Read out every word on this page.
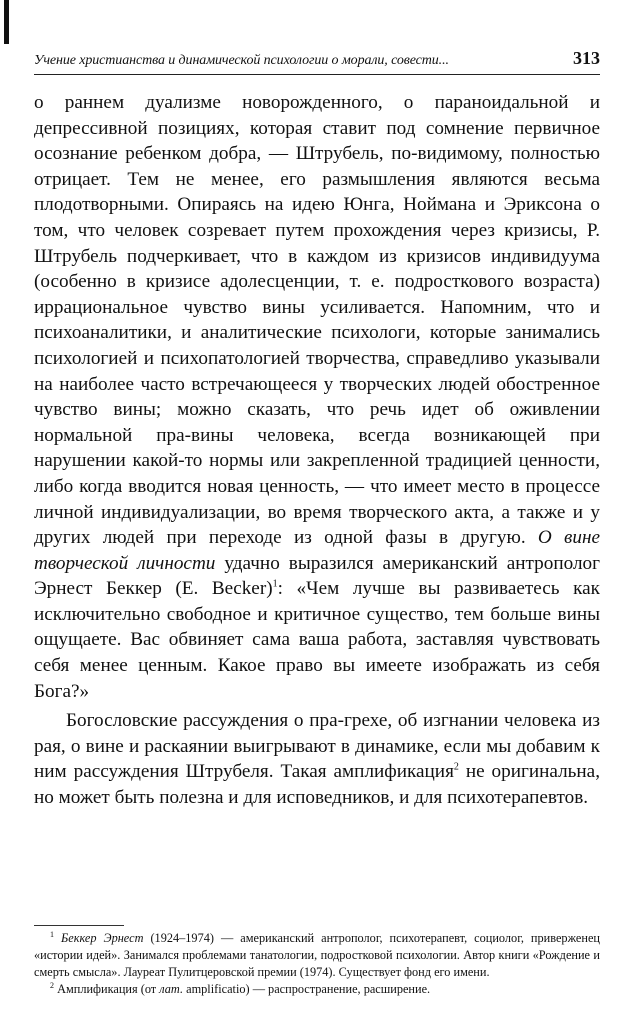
Учение христианства и динамической психологии о морали, совести...	313

о раннем дуализме новорожденного, о параноидальной и депрессивной позициях, которая ставит под сомнение первичное осознание ребенком добра, — Штрубель, по-видимому, полностью отрицает. Тем не менее, его размышления являются весьма плодотворными. Опираясь на идею Юнга, Ноймана и Эриксона о том, что человек созревает путем прохождения через кризисы, Р. Штрубель подчеркивает, что в каждом из кризисов индивидуума (особенно в кризисе адолесценции, т. е. подросткового возраста) иррациональное чувство вины усиливается. Напомним, что и психоаналитики, и аналитические психологи, которые занимались психологией и психопатологией творчества, справедливо указывали на наиболее часто встречающееся у творческих людей обостренное чувство вины; можно сказать, что речь идет об оживлении нормальной пра-вины человека, всегда возникающей при нарушении какой-то нормы или закрепленной традицией ценности, либо когда вводится новая ценность, — что имеет место в процессе личной индивидуализации, во время творческого акта, а также и у других людей при переходе из одной фазы в другую. О вине творческой личности удачно выразился американский антрополог Эрнест Беккер (E. Becker)$^1$: «Чем лучше вы развиваетесь как исключительно свободное и критичное существо, тем больше вины ощущаете. Вас обвиняет сама ваша работа, заставляя чувствовать себя менее ценным. Какое право вы имеете изображать из себя Бога?»

Богословские рассуждения о пра-грехе, об изгнании человека из рая, о вине и раскаянии выигрывают в динамике, если мы добавим к ним рассуждения Штрубеля. Такая амплификация$^2$ не оригинальна, но может быть полезна и для исповедников, и для психотерапевтов.

$^1$ Беккер Эрнест (1924–1974) — американский антрополог, психотерапевт, социолог, приверженец «истории идей». Занимался проблемами танатологии, подростковой психологии. Автор книги «Рождение и смерть смысла». Лауреат Пулитцеровской премии (1974). Существует фонд его имени.

$^2$ Амплификация (от лат. amplificatio) — распространение, расширение.
